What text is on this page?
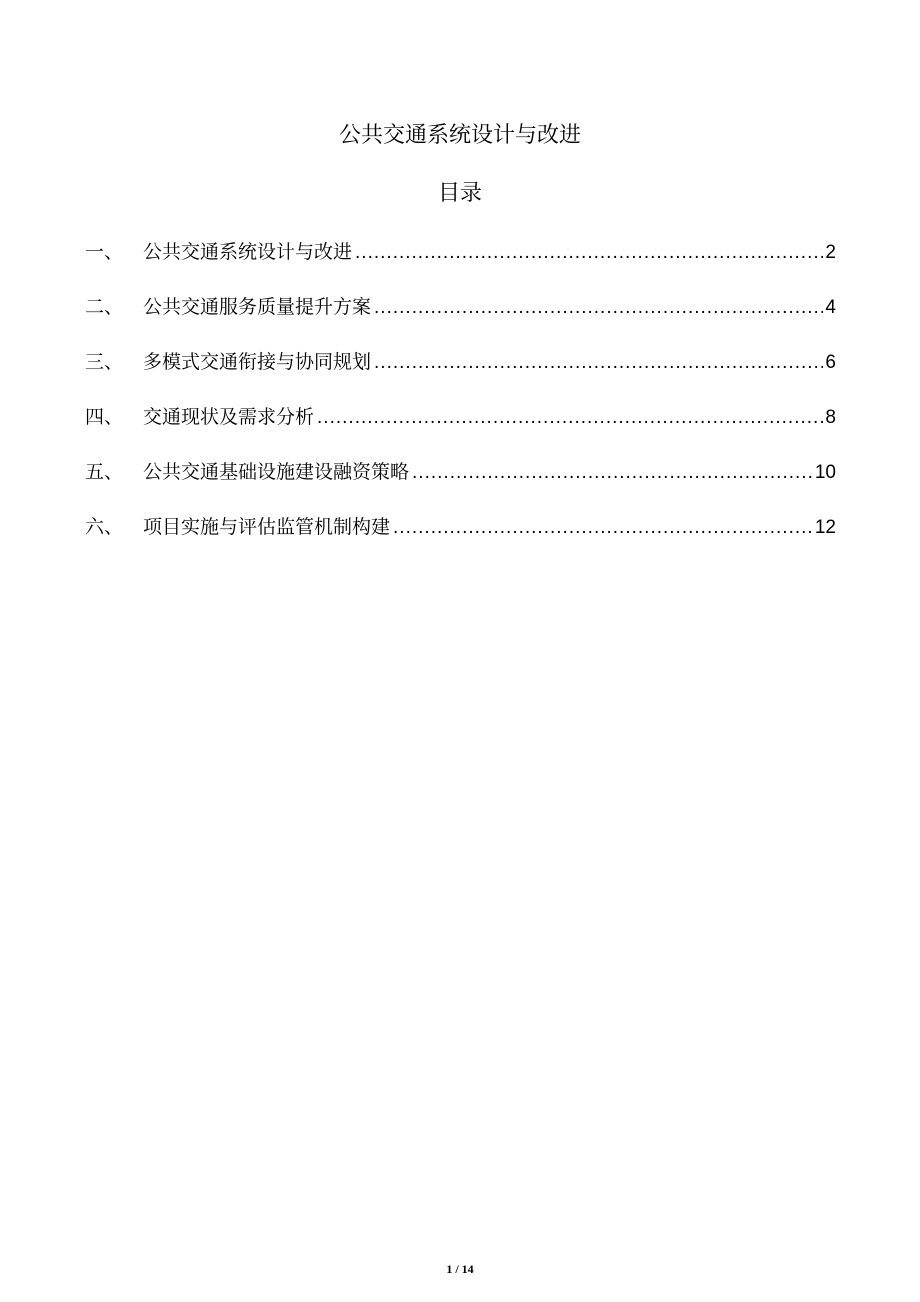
公共交通系统设计与改进
目录
一、	公共交通系统设计与改进 .....	2
二、	公共交通服务质量提升方案 .....	4
三、	多模式交通衔接与协同规划 .....	6
四、	交通现状及需求分析 .....	8
五、	公共交通基础设施建设融资策略 .....	10
六、	项目实施与评估监管机制构建 .....	12
1 / 14
